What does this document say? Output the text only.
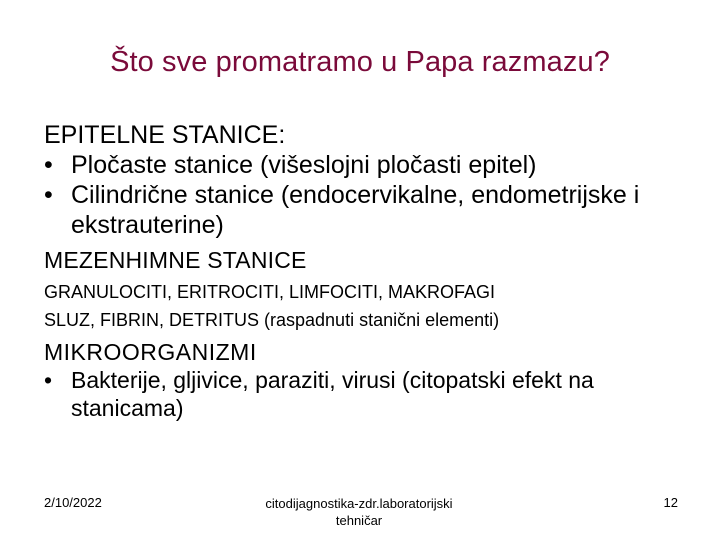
Što sve promatramo u Papa razmazu?

EPITELNE STANICE:

• Pločaste stanice (višeslojni pločasti epitel)
• Cilindrične stanice (endocervikalne, endometrijske i ekstrauterine)

MEZENHIMNE STANICE

GRANULOCITI, ERITROCITI, LIMFOCITI, MAKROFAGI

SLUZ, FIBRIN, DETRITUS (raspadnuti stanični elementi)

MIKROORGANIZMI

• Bakterije, gljivice, paraziti, virusi (citopatski efekt na stanicama)
2/10/2022	citodijagnostika-zdr.laboratorijski tehničar
12
